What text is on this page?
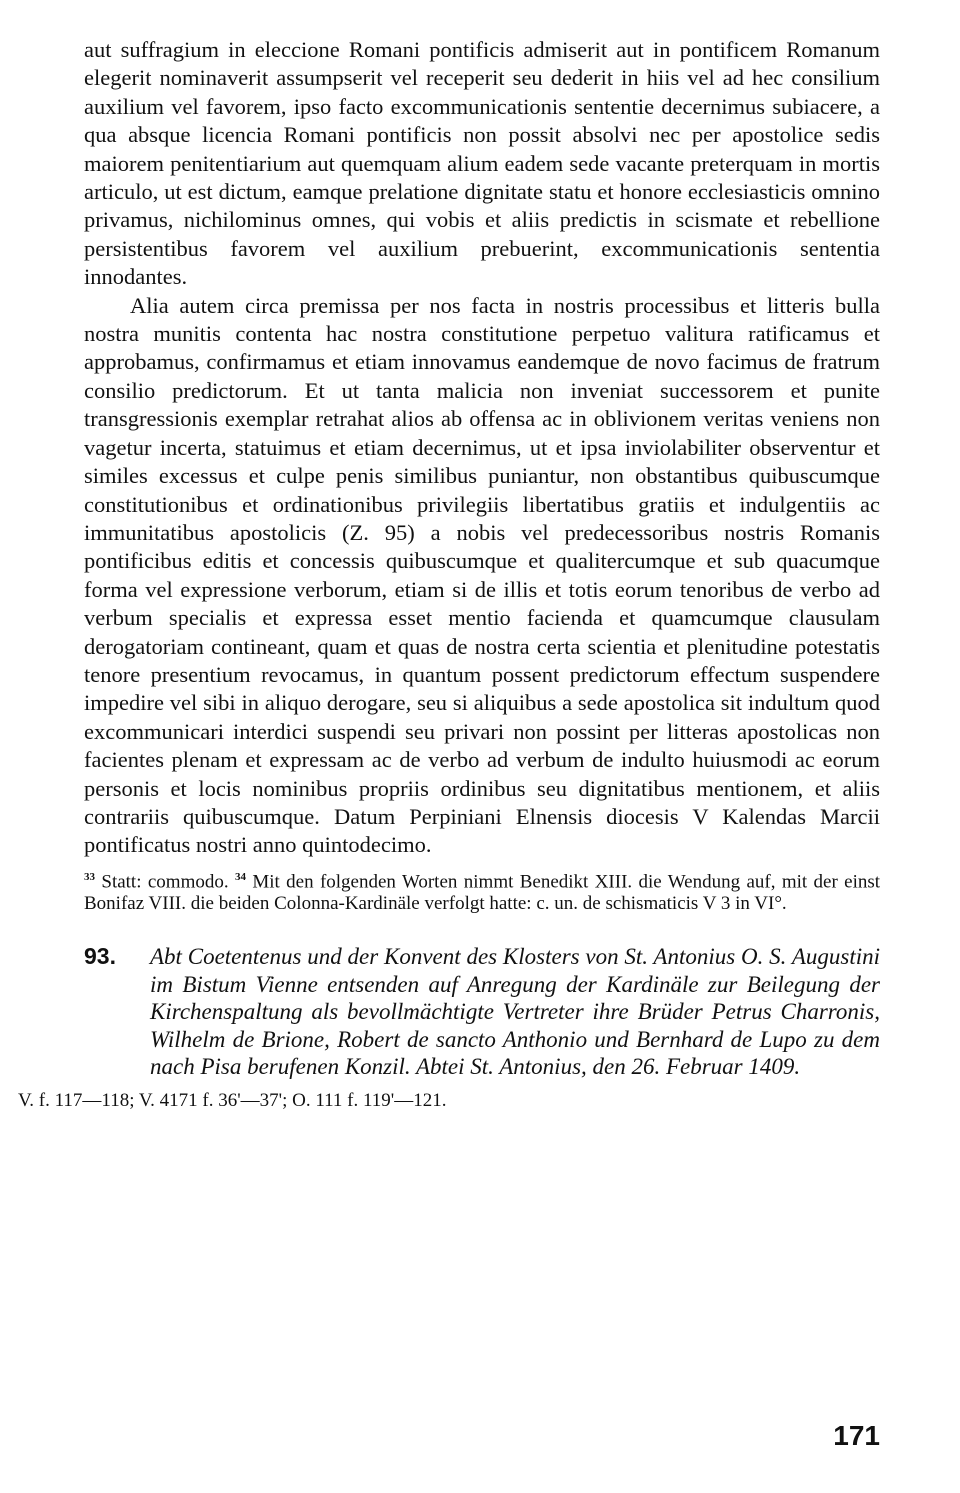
aut suffragium in eleccione Romani pontificis admiserit aut in pontificem Romanum elegerit nominaverit assumpserit vel receperit seu dederit in hiis vel ad hec consilium auxilium vel favorem, ipso facto excommunicationis sententie decernimus subiacere, a qua absque licencia Romani pontificis non possit absolvi nec per apostolice sedis maiorem penitentiarium aut quemquam alium eadem sede vacante preterquam in mortis articulo, ut est dictum, eamque prelatione dignitate statu et honore ecclesiasticis omnino privamus, nichilominus omnes, qui vobis et aliis predictis in scismate et rebellione persistentibus favorem vel auxilium prebuerint, excommunicationis sententia innodantes.

Alia autem circa premissa per nos facta in nostris processibus et litteris bulla nostra munitis contenta hac nostra constitutione perpetuo valitura ratificamus et approbamus, confirmamus et etiam innovamus eandemque de novo facimus de fratrum consilio predictorum. Et ut tanta malicia non inveniat successorem et punite transgressionis exemplar retrahat alios ab offensa ac in oblivionem veritas veniens non vagetur incerta, statuimus et etiam decernimus, ut et ipsa inviolabiliter observentur et similes excessus et culpe penis similibus puniantur, non obstantibus quibuscumque constitutionibus et ordinationibus privilegiis libertatibus gratiis et indulgentiis ac immunitatibus apostolicis (Z. 95) a nobis vel predecessoribus nostris Romanis pontificibus editis et concessis quibuscumque et qualitercumque et sub quacumque forma vel expressione verborum, etiam si de illis et totis eorum tenoribus de verbo ad verbum specialis et expressa esset mentio facienda et quamcumque clausulam derogatoriam contineant, quam et quas de nostra certa scientia et plenitudine potestatis tenore presentium revocamus, in quantum possent predictorum effectum suspendere impedire vel sibi in aliquo derogare, seu si aliquibus a sede apostolica sit indultum quod excommunicari interdici suspendi seu privari non possint per litteras apostolicas non facientes plenam et expressam ac de verbo ad verbum de indulto huiusmodi ac eorum personis et locis nominibus propriis ordinibus seu dignitatibus mentionem, et aliis contrariis quibuscumque. Datum Perpiniani Elnensis diocesis V Kalendas Marcii pontificatus nostri anno quintodecimo.

$^{33}$ Statt: commodo. $^{34}$ Mit den folgenden Worten nimmt Benedikt XIII. die Wendung auf, mit der einst Bonifaz VIII. die beiden Colonna-Kardinäle verfolgt hatte: c. un. de schismaticis V 3 in VI°.

93.	Abt Coetentenus und der Konvent des Klosters von St. Antonius O. S. Augustini im Bistum Vienne entsenden auf Anregung der Kardinäle zur Beilegung der Kirchenspaltung als bevollmächtigte Vertreter ihre Brüder Petrus Charronis, Wilhelm de Brione, Robert de sancto Anthonio und Bernhard de Lupo zu dem nach Pisa berufenen Konzil. Abtei St. Antonius, den 26. Februar 1409.

V. f. 117—118; V. 4171 f. 36'—37'; O. 111 f. 119'—121.
171
